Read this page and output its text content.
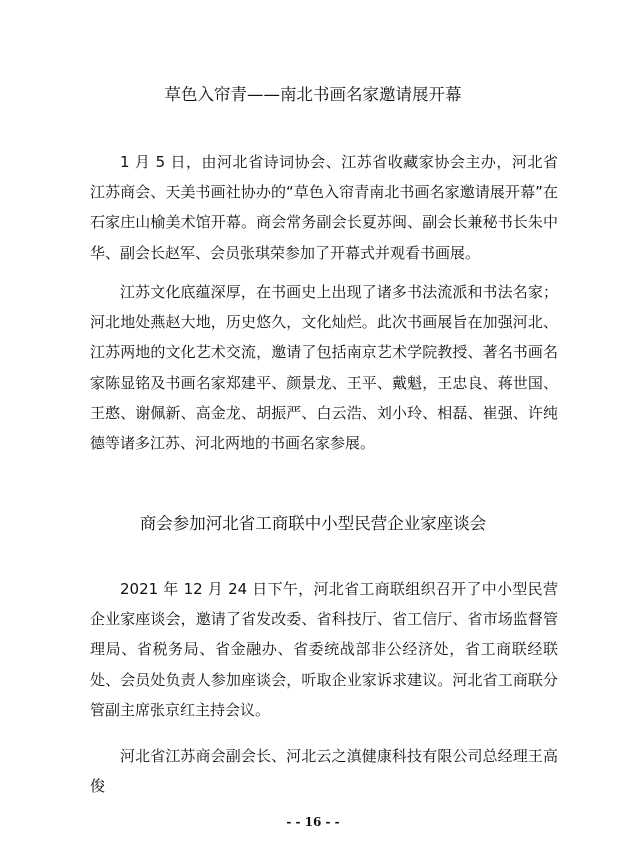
草色入帘青——南北书画名家邀请展开幕

1 月 5 日，由河北省诗词协会、江苏省收藏家协会主办，河北省江苏商会、天美书画社协办的“草色入帘青南北书画名家邀请展开幕”在石家庄山榆美术馆开幕。商会常务副会长夏苏闽、副会长兼秘书长朱中华、副会长赵军、会员张琪荣参加了开幕式并观看书画展。

江苏文化底蕴深厚，在书画史上出现了诸多书法流派和书法名家；河北地处燕赵大地，历史悠久，文化灿烂。此次书画展旨在加强河北、江苏两地的文化艺术交流，邀请了包括南京艺术学院教授、著名书画名家陈显铭及书画名家郑建平、颜景龙、王平、戴魁，王忠良、蒋世国、王憨、谢佩新、高金龙、胡振严、白云浩、刘小玲、相磊、崔强、许纯德等诸多江苏、河北两地的书画名家参展。

商会参加河北省工商联中小型民营企业家座谈会

2021 年 12 月 24 日下午，河北省工商联组织召开了中小型民营企业家座谈会，邀请了省发改委、省科技厅、省工信厅、省市场监督管理局、省税务局、省金融办、省委统战部非公经济处，省工商联经联处、会员处负责人参加座谈会，听取企业家诉求建议。河北省工商联分管副主席张京红主持会议。

河北省江苏商会副会长、河北云之滇健康科技有限公司总经理王高俊

- - 16 - -
